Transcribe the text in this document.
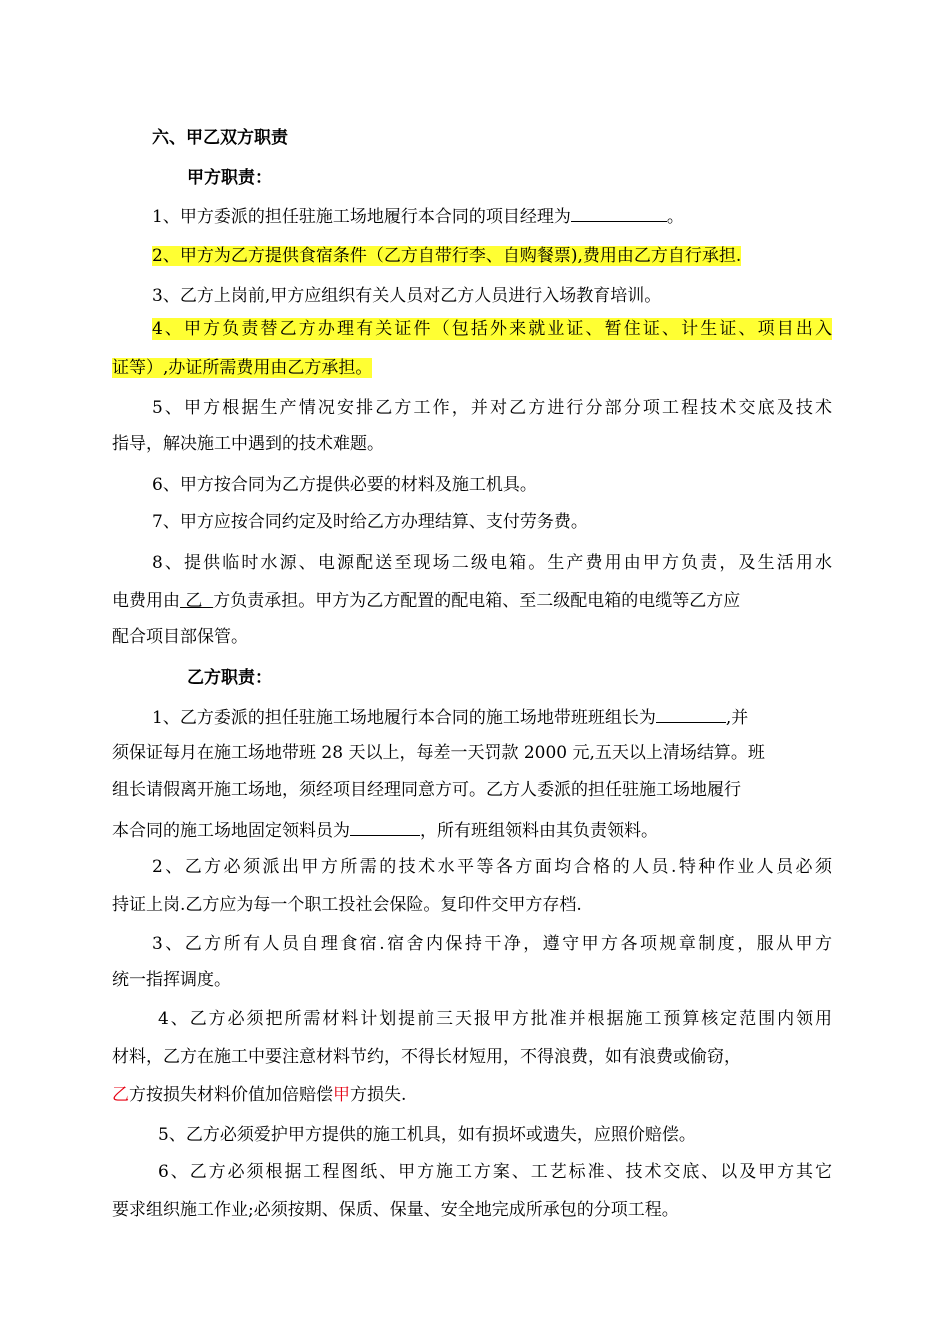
六、甲乙双方职责
甲方职责：
1、甲方委派的担任驻施工场地履行本合同的项目经理为	。
2、甲方为乙方提供食宿条件（乙方自带行李、自购餐票),费用由乙方自行承担.
3、乙方上岗前,甲方应组织有关人员对乙方人员进行入场教育培训。
4、甲方负责替乙方办理有关证件（包括外来就业证、暂住证、计生证、项目出入
证等）,办证所需费用由乙方承担。
5、甲方根据生产情况安排乙方工作，并对乙方进行分部分项工程技术交底及技术
指导，解决施工中遇到的技术难题。
6、甲方按合同为乙方提供必要的材料及施工机具。
7、甲方应按合同约定及时给乙方办理结算、支付劳务费。
8、提供临时水源、电源配送至现场二级电箱。生产费用由甲方负责，及生活用水
电费用由 乙  方负责承担。甲方为乙方配置的配电箱、至二级配电箱的电缆等乙方应
配合项目部保管。
乙方职责：
1、乙方委派的担任驻施工场地履行本合同的施工场地带班班组长为	,并
须保证每月在施工场地带班 28 天以上，每差一天罚款 2000 元,五天以上清场结算。班
组长请假离开施工场地，须经项目经理同意方可。乙方人委派的担任驻施工场地履行
本合同的施工场地固定领料员为	，所有班组领料由其负责领料。
2、乙方必须派出甲方所需的技术水平等各方面均合格的人员.特种作业人员必须
持证上岗.乙方应为每一个职工投社会保险。复印件交甲方存档.
3、乙方所有人员自理食宿.宿舍内保持干净，遵守甲方各项规章制度，服从甲方
统一指挥调度。
4、乙方必须把所需材料计划提前三天报甲方批准并根据施工预算核定范围内领用
材料，乙方在施工中要注意材料节约，不得长材短用，不得浪费，如有浪费或偷窃，
乙方按损失材料价值加倍赔偿甲方损失.
5、乙方必须爱护甲方提供的施工机具，如有损坏或遗失，应照价赔偿。
6、乙方必须根据工程图纸、甲方施工方案、工艺标准、技术交底、以及甲方其它
要求组织施工作业;必须按期、保质、保量、安全地完成所承包的分项工程。
